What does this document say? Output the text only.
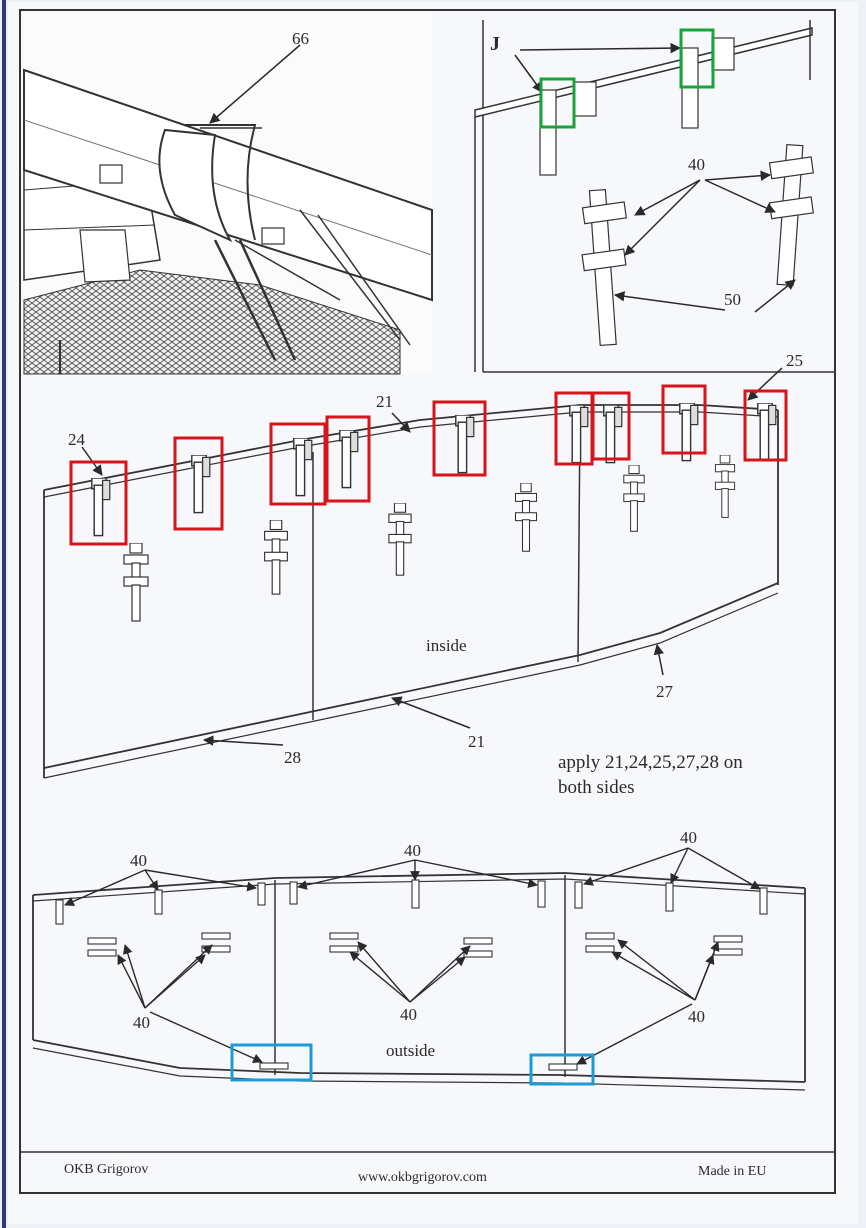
66	J
40
50
24
21
25
27
21
28
inside
apply 21,24,25,27,28 on
both sides
40
40
40
40	40	40
outside
OKB Grigorov
www.okbgrigorov.com	Made in EU
